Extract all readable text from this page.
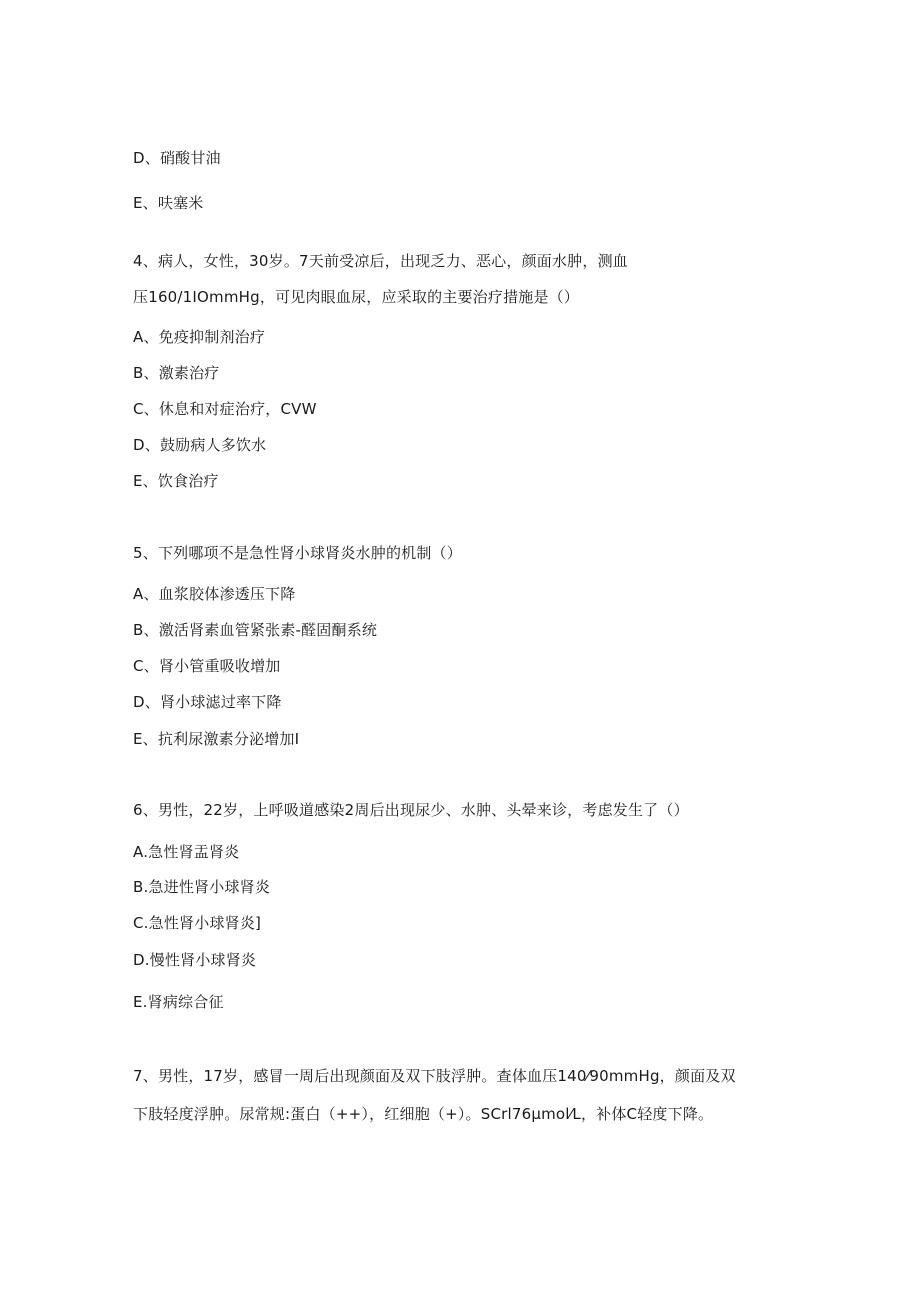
D、硝酸甘油
E、呋塞米
4、病人，女性，30岁。7天前受凉后，出现乏力、恶心，颜面水肿，测血
压160/1IOmmHg，可见肉眼血尿，应采取的主要治疗措施是（）
A、免疫抑制剂治疗
B、激素治疗
C、休息和对症治疗，CVW
D、鼓励病人多饮水
E、饮食治疗
5、下列哪项不是急性肾小球肾炎水肿的机制（）
A、血浆胶体渗透压下降
B、激活肾素血管紧张素-醛固酮系统
C、肾小管重吸收增加
D、肾小球滤过率下降
E、抗利尿激素分泌增加I
6、男性，22岁，上呼吸道感染2周后出现尿少、水肿、头晕来诊，考虑发生了（）
A.急性肾盂肾炎
B.急进性肾小球肾炎
C.急性肾小球肾炎]
D.慢性肾小球肾炎
E.肾病综合征
7、男性，17岁，感冒一周后出现颜面及双下肢浮肿。查体血压140⁄90mmHg，颜面及双
下肢轻度浮肿。尿常规:蛋白（++），红细胞（+）。SCrl76μmol⁄L，补体C轻度下降。
